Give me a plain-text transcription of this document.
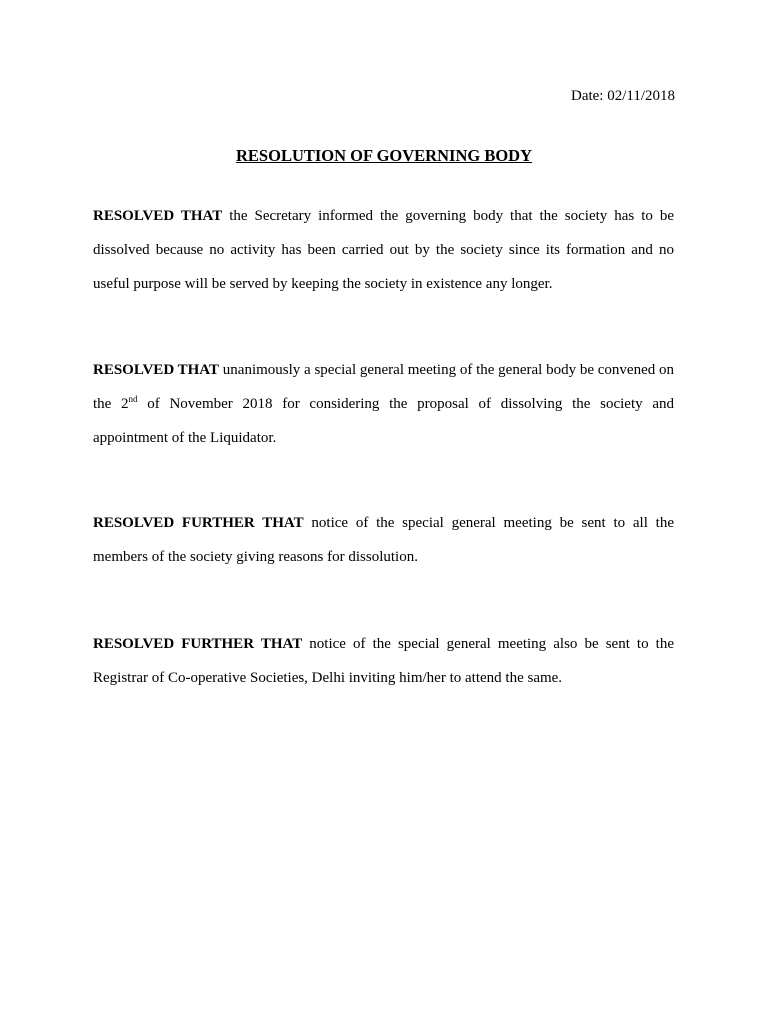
Date: 02/11/2018
RESOLUTION OF GOVERNING BODY

RESOLVED THAT the Secretary informed the governing body that the society has to be dissolved because no activity has been carried out by the society since its formation and no useful purpose will be served by keeping the society in existence any longer.

RESOLVED THAT unanimously a special general meeting of the general body be convened on the 2nd of November 2018 for considering the proposal of dissolving the society and appointment of the Liquidator.

RESOLVED FURTHER THAT notice of the special general meeting be sent to all the members of the society giving reasons for dissolution.

RESOLVED FURTHER THAT notice of the special general meeting also be sent to the Registrar of Co-operative Societies, Delhi inviting him/her to attend the same.
